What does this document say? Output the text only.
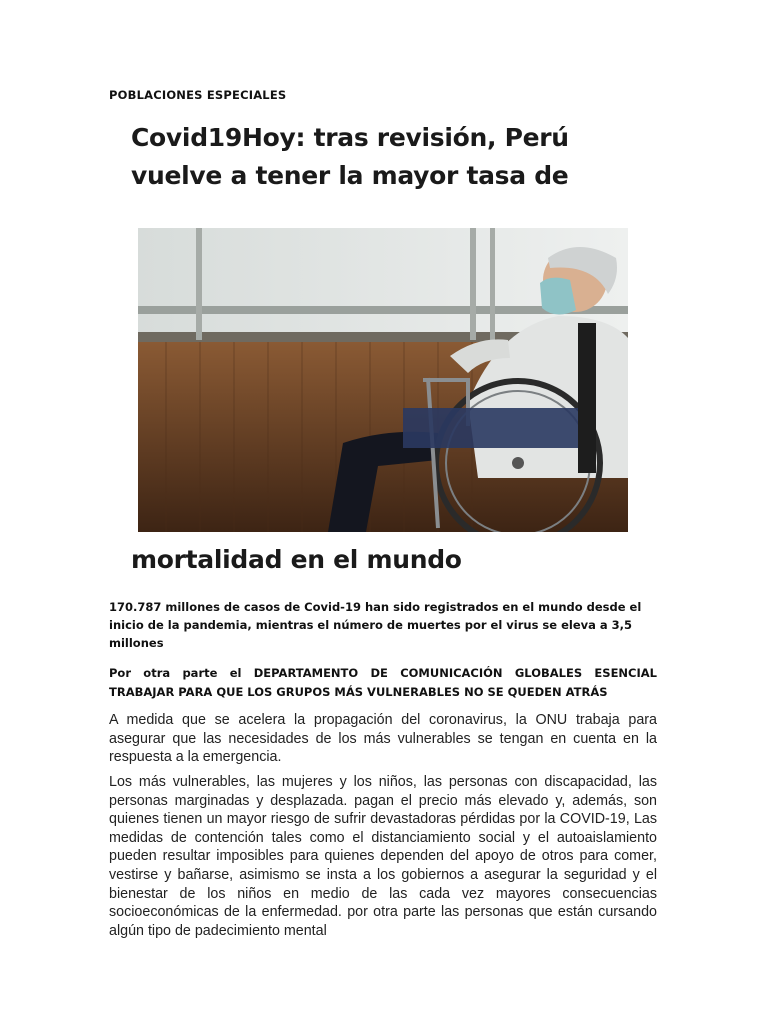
POBLACIONES ESPECIALES
Covid19Hoy: tras revisión, Perú vuelve a tener la mayor tasa de
mortalidad en el mundo

170.787 millones de casos de Covid-19 han sido registrados en el mundo desde el inicio de la pandemia, mientras el número de muertes por el virus se eleva a 3,5 millones

Por otra parte el DEPARTAMENTO DE COMUNICACIÓN GLOBALES ESENCIAL TRABAJAR PARA QUE LOS GRUPOS MÁS VULNERABLES NO SE QUEDEN ATRÁS

A medida que se acelera la propagación del coronavirus, la ONU trabaja para asegurar que las necesidades de los más vulnerables se tengan en cuenta en la respuesta a la emergencia.

Los más vulnerables, las mujeres y los niños, las personas con discapacidad, las personas marginadas y desplazada. pagan el precio más elevado y, además, son quienes tienen un mayor riesgo de sufrir devastadoras pérdidas por la COVID-19, Las medidas de contención tales como el distanciamiento social y el autoaislamiento pueden resultar imposibles para quienes dependen del apoyo de otros para comer, vestirse y bañarse, asimismo se insta a los gobiernos a asegurar la seguridad y el bienestar de los niños en medio de las cada vez mayores consecuencias socioeconómicas de la enfermedad. por otra parte las personas que están cursando algún tipo de padecimiento mental
